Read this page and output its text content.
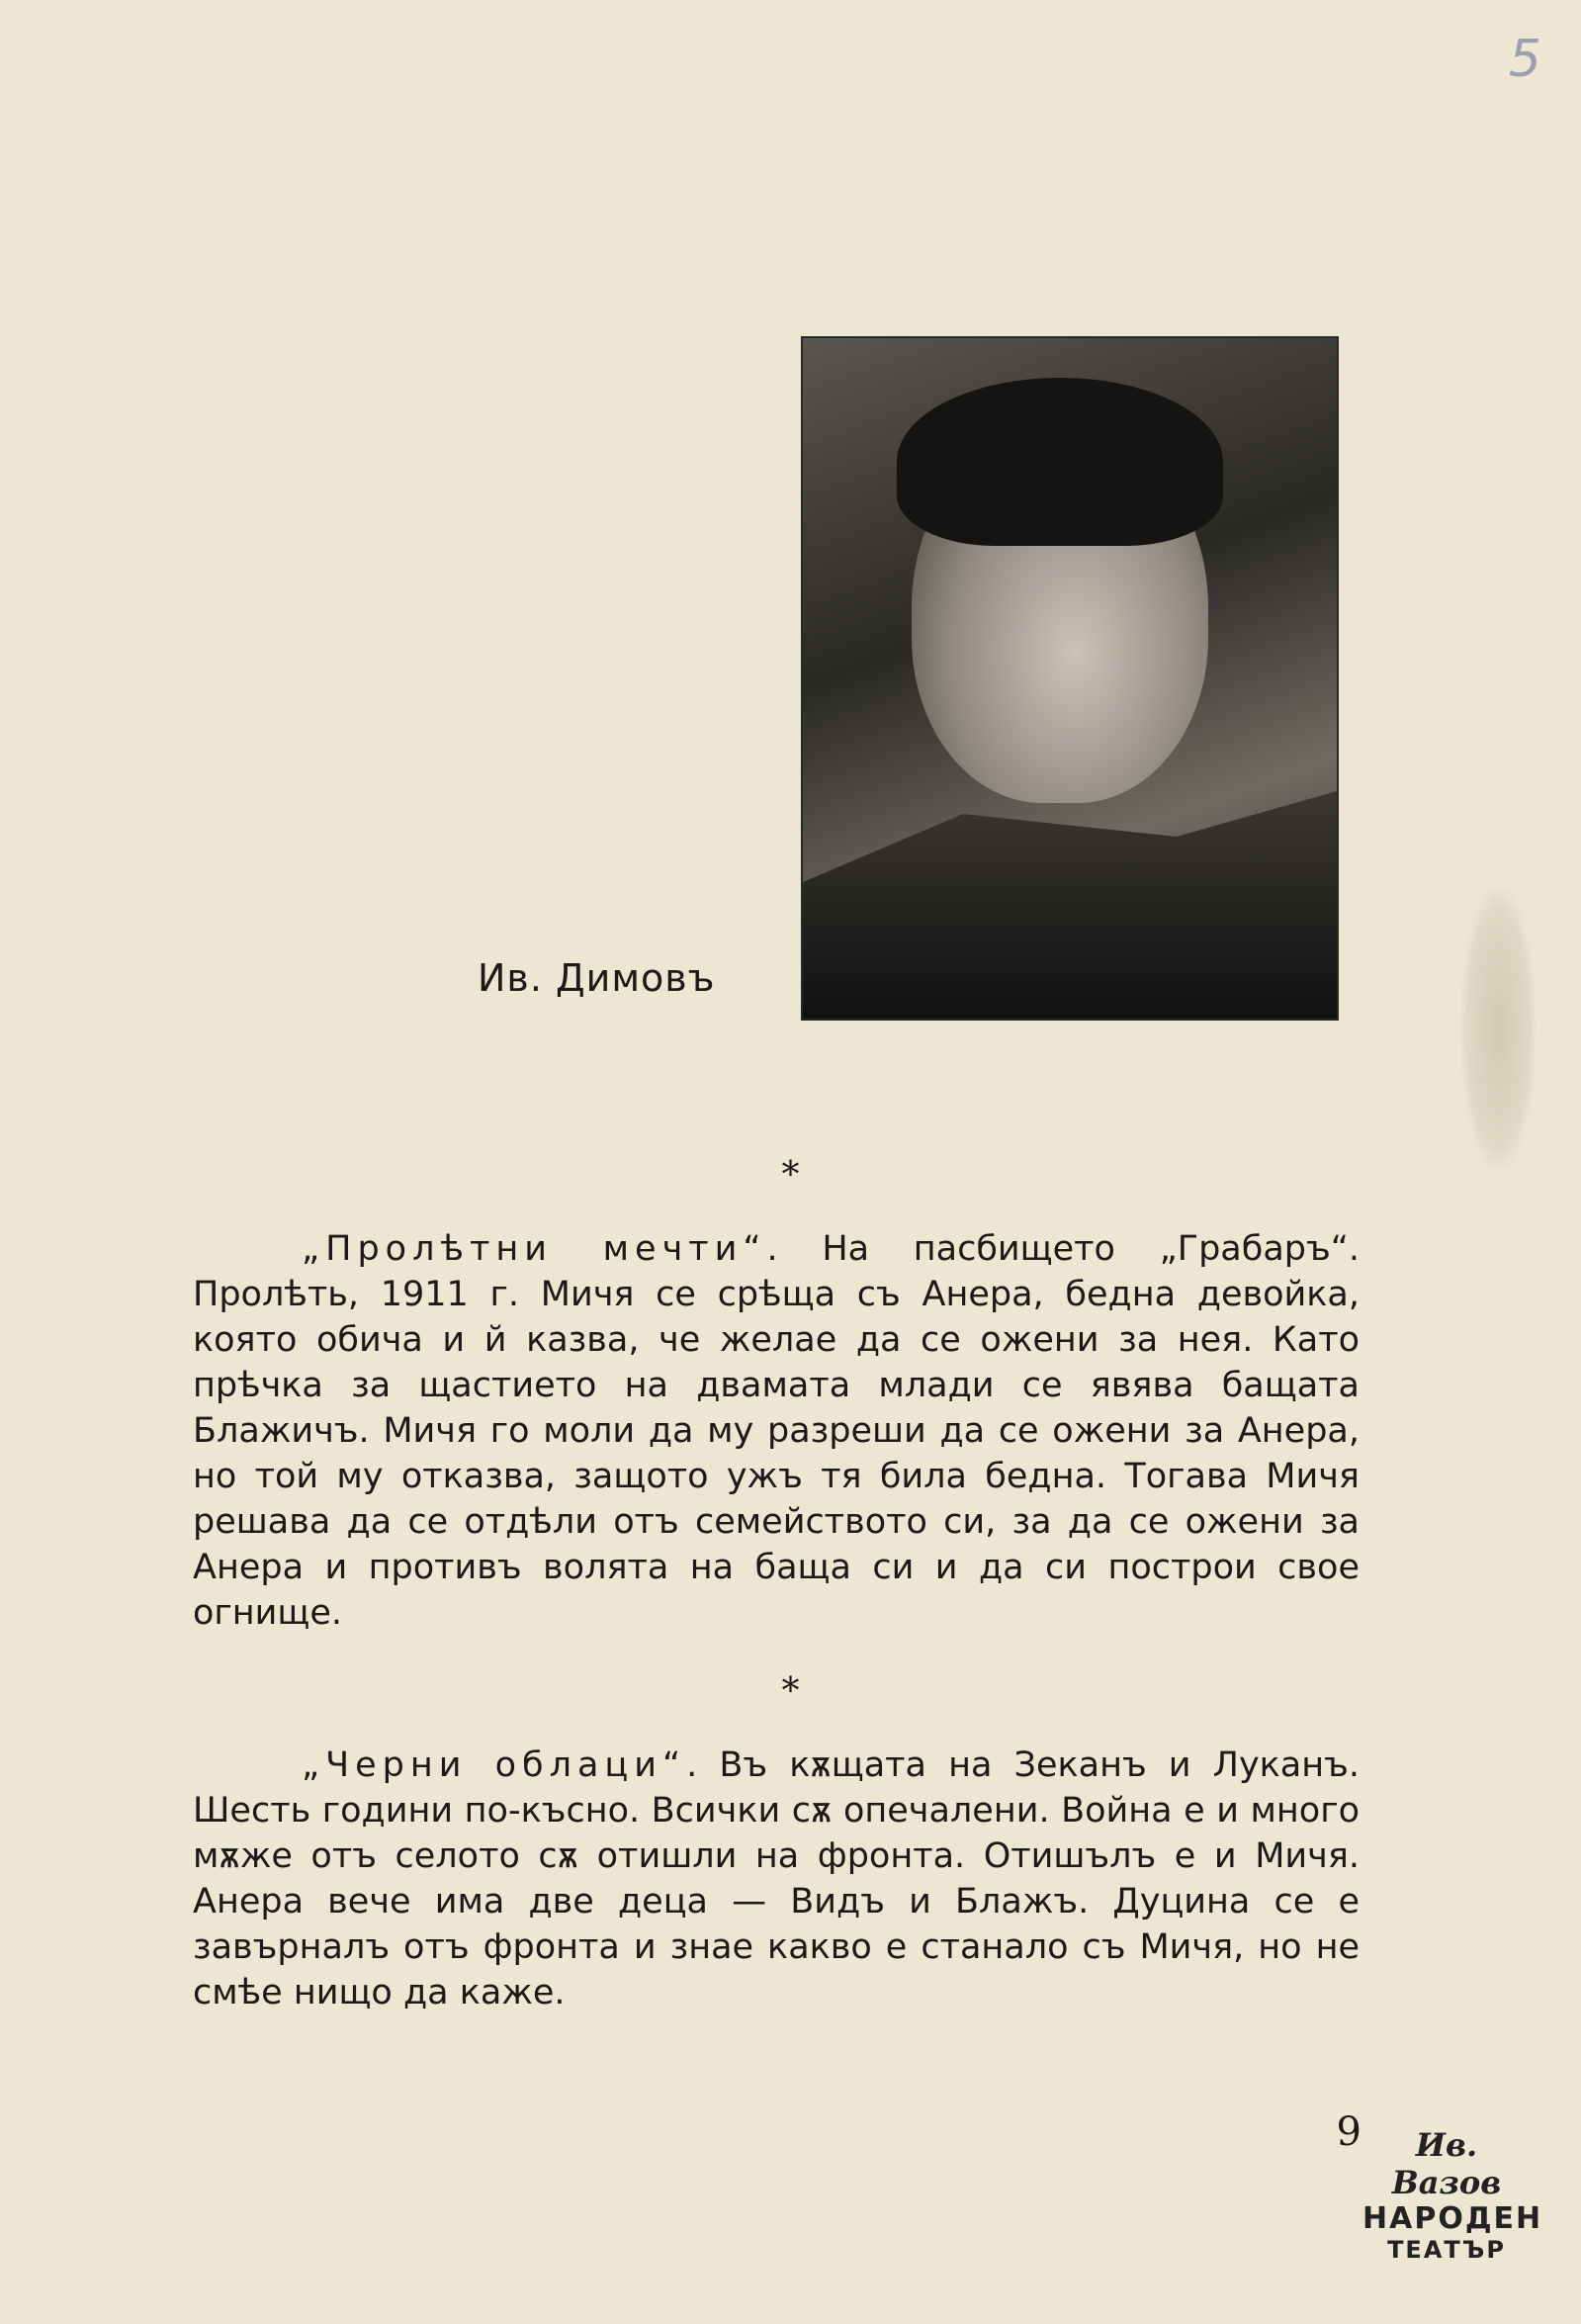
5
Ив. Димовъ
*
„Пролѣтни мечти“. На пасбището „Грабаръ“. Пролѣть, 1911 г. Мичя се срѣща съ Анера, бедна девойка, която обича и й казва, че желае да се ожени за нея. Като прѣчка за щастието на двамата млади се явява бащата Блажичъ. Мичя го моли да му разреши да се ожени за Анера, но той му отказва, защото ужъ тя била бедна. Тогава Мичя решава да се отдѣли отъ семейството си, за да се ожени за Анера и противъ волята на баща си и да си построи свое огнище.
*
„Черни облаци“. Въ кѫщата на Зеканъ и Луканъ. Шесть години по-късно. Всички сѫ опечалени. Война е и много мѫже отъ селото сѫ отишли на фронта. Отишълъ е и Мичя. Анера вече има две деца — Видъ и Блажъ. Дуцина се е завърналъ отъ фронта и знае какво е станало съ Мичя, но не смѣе нищо да каже.
9	Ив. Вазов
НАРОДЕН
ТЕАТЪР
